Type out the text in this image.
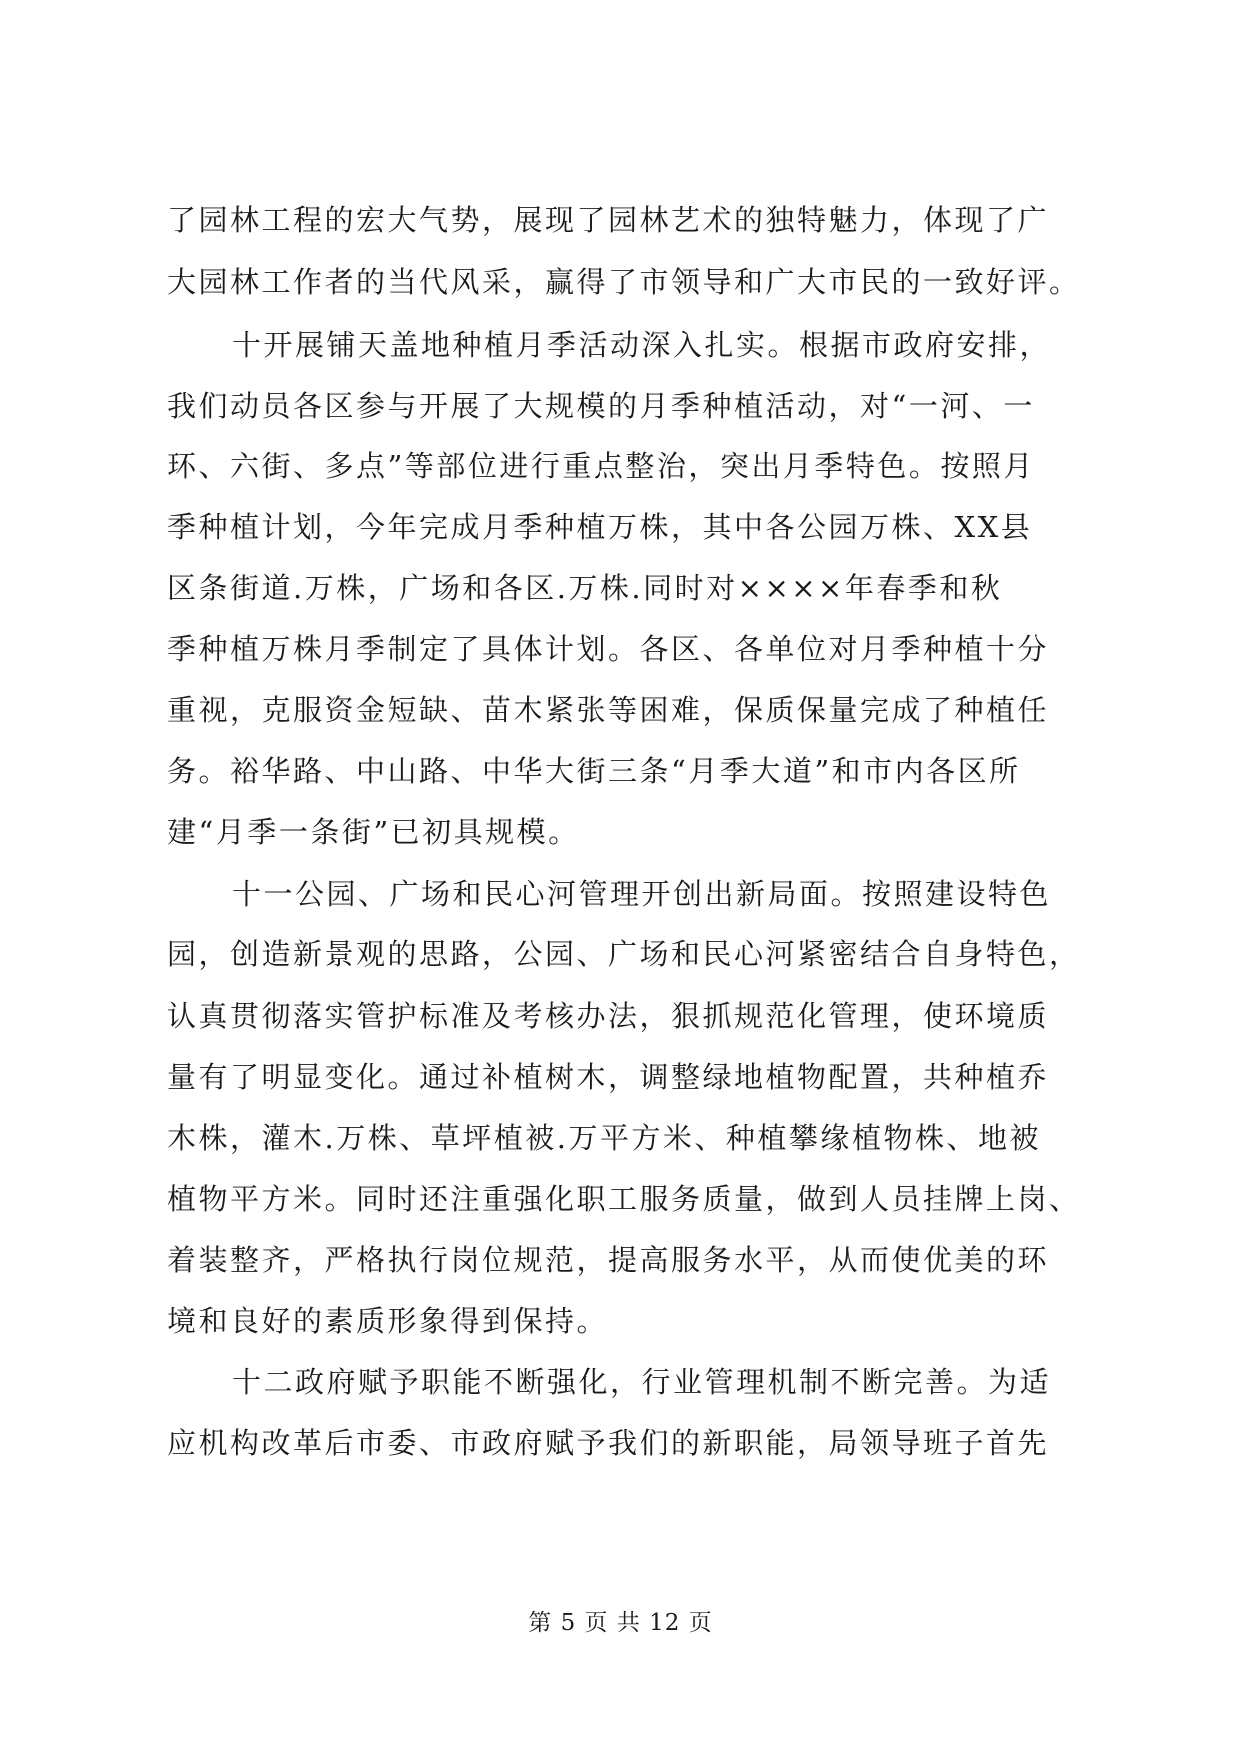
了园林工程的宏大气势，展现了园林艺术的独特魅力，体现了广
大园林工作者的当代风采，赢得了市领导和广大市民的一致好评。
十开展铺天盖地种植月季活动深入扎实。根据市政府安排，
我们动员各区参与开展了大规模的月季种植活动，对“一河、一
环、六街、多点”等部位进行重点整治，突出月季特色。按照月
季种植计划，今年完成月季种植万株，其中各公园万株、XX县
区条街道.万株，广场和各区.万株.同时对××××年春季和秋
季种植万株月季制定了具体计划。各区、各单位对月季种植十分
重视，克服资金短缺、苗木紧张等困难，保质保量完成了种植任
务。裕华路、中山路、中华大街三条“月季大道”和市内各区所
建“月季一条街”已初具规模。
十一公园、广场和民心河管理开创出新局面。按照建设特色
园，创造新景观的思路，公园、广场和民心河紧密结合自身特色，
认真贯彻落实管护标准及考核办法，狠抓规范化管理，使环境质
量有了明显变化。通过补植树木，调整绿地植物配置，共种植乔
木株，灌木.万株、草坪植被.万平方米、种植攀缘植物株、地被
植物平方米。同时还注重强化职工服务质量，做到人员挂牌上岗、
着装整齐，严格执行岗位规范，提高服务水平，从而使优美的环
境和良好的素质形象得到保持。
十二政府赋予职能不断强化，行业管理机制不断完善。为适
应机构改革后市委、市政府赋予我们的新职能，局领导班子首先
第 5 页 共 12 页
